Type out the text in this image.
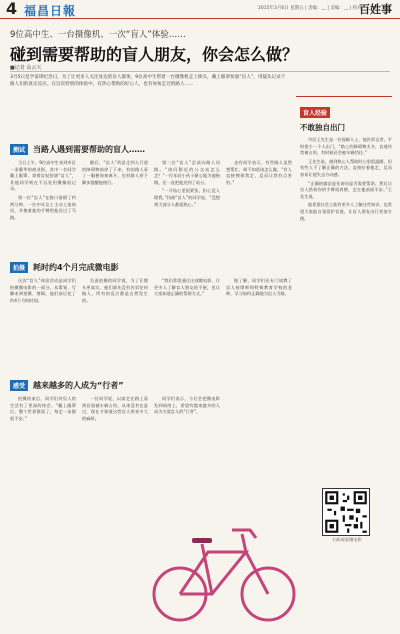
4 福昌日報	2015年3月6日 星期五 | 责编：__ | 美编：__ | 校对：__
百姓事
9位高中生、一台摄像机、一次“盲人”体验……
碰到需要帮助的盲人朋友，你会怎么做？
■记者 高云天
3月5日是学雷锋纪念日，为了让更多人关注身边的盲人群体，9位高中生带着一台摄像机走上街头，戴上眼罩扮演“盲人”，用镜头记录下路人们的真实反应。在这次特别的体验中，有热心帮助的好心人，也有匆匆走过的路人……
测试	当路人遇到需要帮助的盲人……

当日上午，9位高中生来到市区一条繁华的商业街，其中一名同学戴上眼罩、拿着盲杖扮演“盲人”，其他同学则在不远处用摄像机记录。

第一位“盲人”在路口徘徊了约两分钟，一位中年女士主动上前询问，并挽着他的手臂把他送过了马路。

随后，“盲人”故意走到人行道的障碍物前停了下来，有的路人看了一眼便匆匆离开，也有路人停下脚步提醒他绕行。

第二位“盲人”尝试向路人问路。“请问附近的公交站怎么走？”一位年轻小伙子耐心地为他指路，还一直把他送到了站台。

“一开始心里很紧张，担心没人理我。”扮演“盲人”的同学说，“没想到大部分人都很热心。”

也有同学表示，有些路人虽然想帮忙，却不知道该怎么做，“有人直接拽着我走，反而让我有点害怕。”

拍摄	耗时约4个月完成微电影

这次“盲人”体验活动是同学们拍摄微电影的一部分。从策划、写脚本到拍摄、剪辑，他们前后花了约4个月的时间。

负责拍摄的同学说，为了让镜头更真实，他们事先没有告诉任何路人，所有的反应都是自然发生的。

“我们希望通过这部微电影，让更多人了解盲人朋友的不便，也让大家知道正确的帮助方式。”

据了解，同学们还专门请教了盲人按摩师和特殊教育学校的老师，学习如何正确地为盲人引路。

感受	越来越多的人成为“行者”

拍摄结束后，同学们对盲人的生活有了更深的体会。“戴上眼罩后，整个世界都黑了，每走一步都很不安。”

一位同学说，以前走在路上看到盲道被车辆占用，从来没有在意过，现在才知道这给盲人带来多大的麻烦。

同学们表示，今后会把微电影发到网络上，希望有越来越多的人成为关爱盲人的“行者”。

盲人经验
不敢独自出门

市民王先生是一位视障人士，他告诉记者，平时很少一个人出门，“路上的障碍物太多，盲道经常被占用，有时候还会被车辆挡住。”

王先生说，遇到热心人帮助时心里很温暖，但有些人不了解正确的方法，直接拉着他走，反而容易让他失去方向感。

“正确的做法是先询问是否需要帮助，然后让盲人搭着你的手臂或肩膀，走在他前面半步。”王先生说。

他希望社会上能有更多人了解这些知识，也希望大家能自觉爱护盲道，让盲人朋友出行更加方便。

扫码观看微电影
